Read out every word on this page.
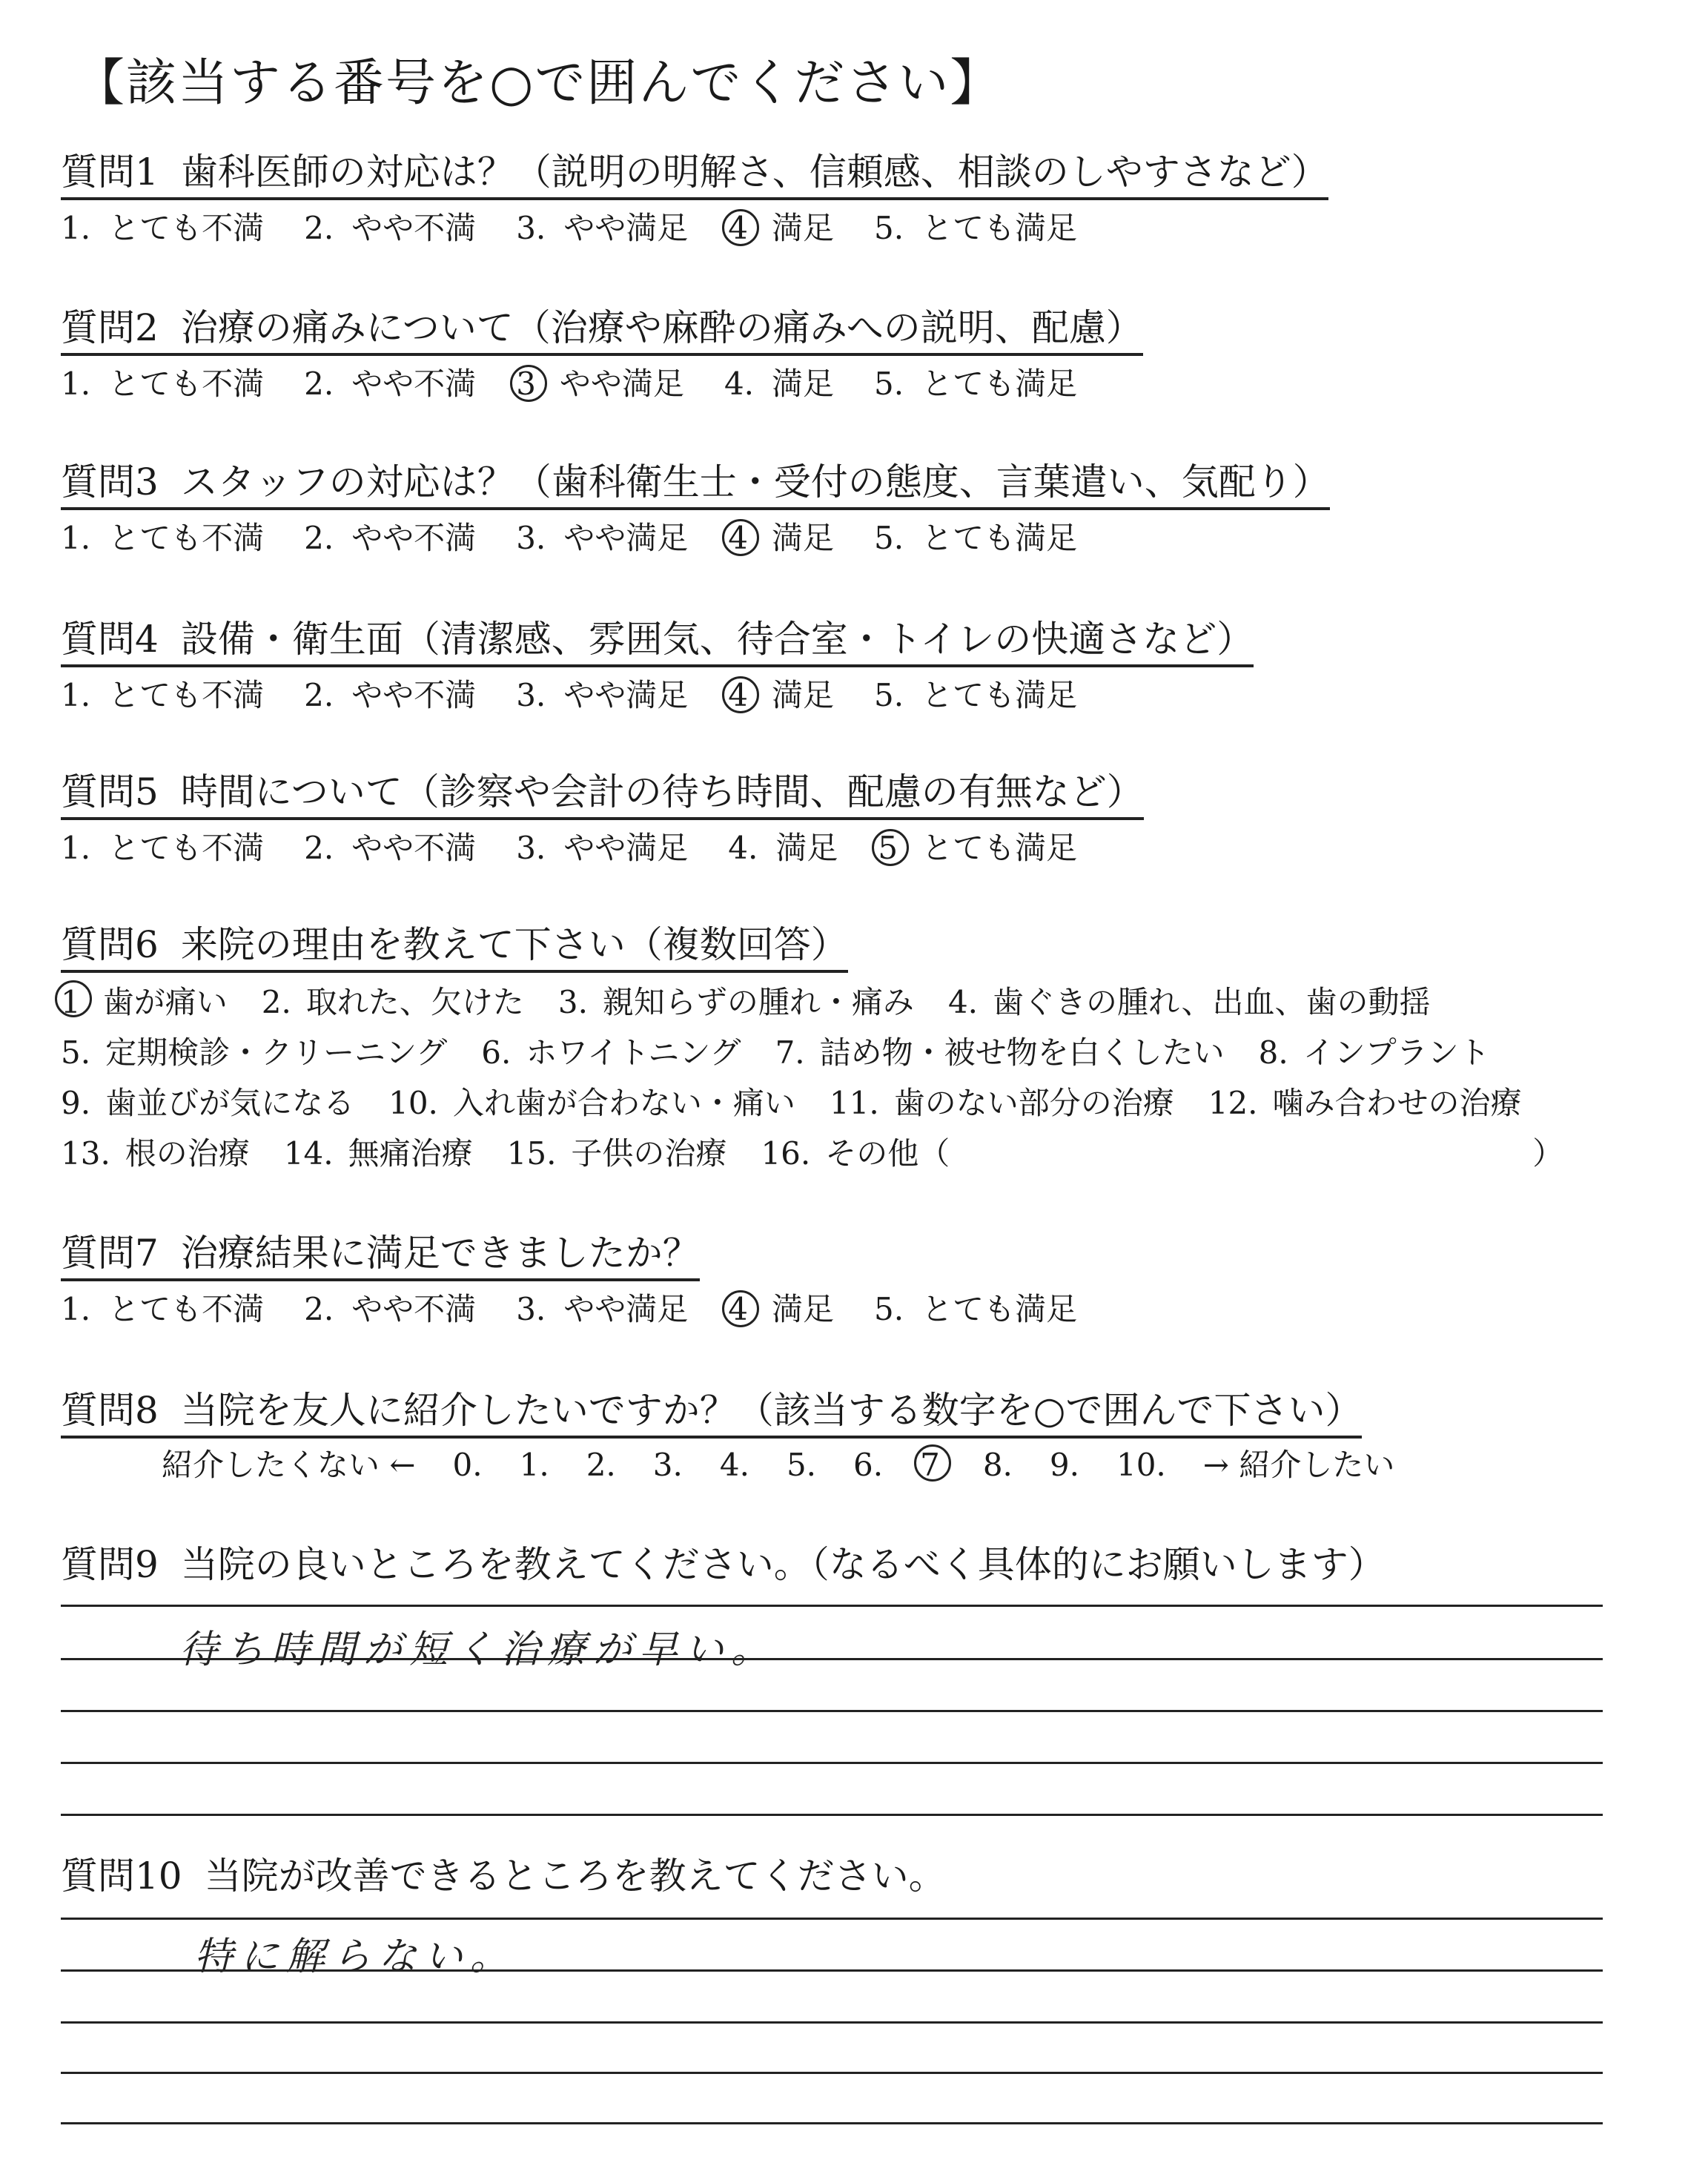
【該当する番号を○で囲んでください】
質問1 歯科医師の対応は？（説明の明解さ、信頼感、相談のしやすさなど）
1. とても不満 2. やや不満 3. やや満足 4 満足 5. とても満足
質問2 治療の痛みについて（治療や麻酔の痛みへの説明、配慮）
1. とても不満 2. やや不満 3 やや満足 4. 満足 5. とても満足
質問3 スタッフの対応は？（歯科衛生士・受付の態度、言葉遣い、気配り）
1. とても不満 2. やや不満 3. やや満足 4 満足 5. とても満足
質問4 設備・衛生面（清潔感、雰囲気、待合室・トイレの快適さなど）
1. とても不満 2. やや不満 3. やや満足 4 満足 5. とても満足
質問5 時間について（診察や会計の待ち時間、配慮の有無など）
1. とても不満 2. やや不満 3. やや満足 4. 満足 5 とても満足
質問6 来院の理由を教えて下さい（複数回答）
1 歯が痛い 2. 取れた、欠けた 3. 親知らずの腫れ・痛み 4. 歯ぐきの腫れ、出血、歯の動揺
5. 定期検診・クリーニング 6. ホワイトニング 7. 詰め物・被せ物を白くしたい 8. インプラント
9. 歯並びが気になる 10. 入れ歯が合わない・痛い 11. 歯のない部分の治療 12. 噛み合わせの治療
13. 根の治療 14. 無痛治療 15. 子供の治療 16. その他（	）
質問7 治療結果に満足できましたか？
1. とても不満 2. やや不満 3. やや満足 4 満足 5. とても満足
質問8 当院を友人に紹介したいですか？（該当する数字を○で囲んで下さい）
紹介したくない ← 0. 1. 2. 3. 4. 5. 6. 7 8. 9. 10. → 紹介したい
質問9 当院の良いところを教えてください。（なるべく具体的にお願いします）
待ち時間が短く治療が早い。
質問10 当院が改善できるところを教えてください。
特に解らない。
